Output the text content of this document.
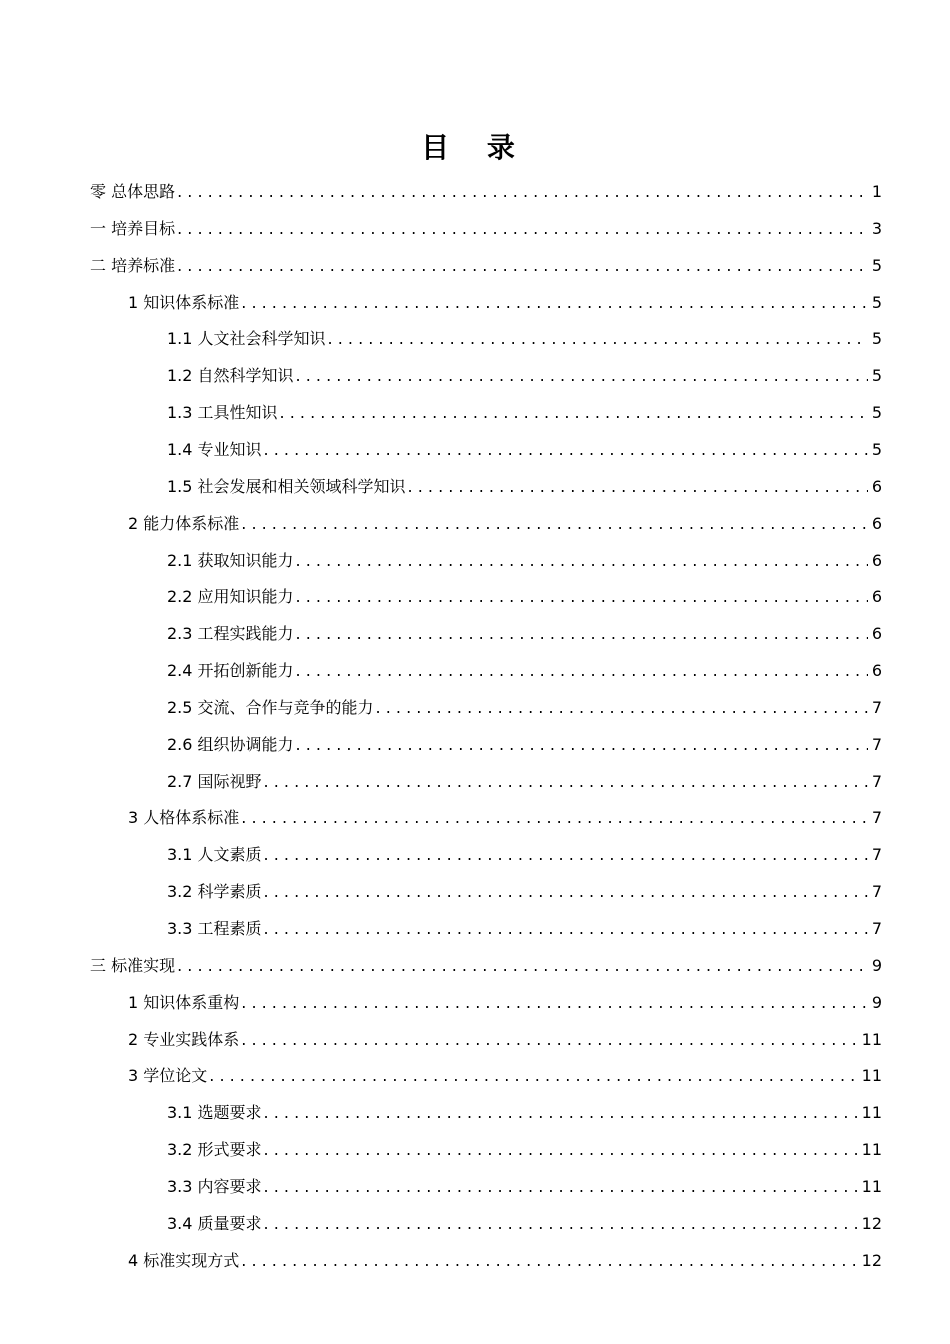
目 录
零 总体思路 . . .	1
一 培养目标 . . .	3
二 培养标准 . . .	5
1 知识体系标准 . . .	5
1.1 人文社会科学知识 . . .	5
1.2 自然科学知识 . . .	5
1.3 工具性知识 . . .	5
1.4 专业知识 . . .	5
1.5 社会发展和相关领域科学知识 . . .	6
2 能力体系标准 . . .	6
2.1 获取知识能力 . . .	6
2.2 应用知识能力 . . .	6
2.3 工程实践能力 . . .	6
2.4 开拓创新能力 . . .	6
2.5 交流、合作与竞争的能力 . . .	7
2.6 组织协调能力 . . .	7
2.7 国际视野 . . .	7
3 人格体系标准 . . .	7
3.1 人文素质 . . .	7
3.2 科学素质 . . .	7
3.3 工程素质 . . .	7
三 标准实现 . . .	9
1 知识体系重构 . . .	9
2 专业实践体系 . . .	11
3 学位论文 . . .	11
3.1 选题要求 . . .	11
3.2 形式要求 . . .	11
3.3 内容要求 . . .	11
3.4 质量要求 . . .	12
4 标准实现方式 . . .	12
